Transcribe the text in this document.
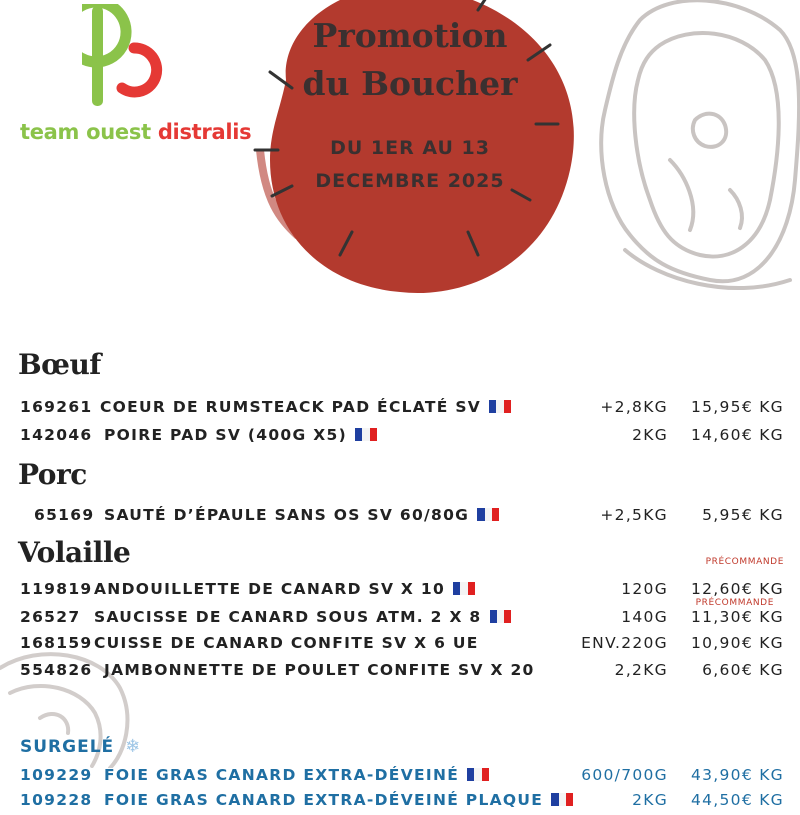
team ouest distralis
Promotion
du Boucher
DU 1ER AU 13
DECEMBRE 2025
Bœuf
169261 COEUR DE RUMSTEACK PAD ÉCLATÉ SV	+2,8KG 15,95€ KG
142046 POIRE PAD SV (400G X5)	2KG 14,60€ KG
Porc
65169 SAUTÉ D’ÉPAULE SANS OS SV 60/80G	+2,5KG 5,95€ KG
Volaille	PRÉCOMMANDE
119819 ANDOUILLETTE DE CANARD SV X 10	120G 12,60€ KG
PRÉCOMMANDE
26527 SAUCISSE DE CANARD SOUS ATM. 2 X 8	140G 11,30€ KG
168159 CUISSE DE CANARD CONFITE SV X 6 UE	ENV.220G 10,90€ KG
554826 JAMBONNETTE DE POULET CONFITE SV X 20	2,2KG 6,60€ KG
SURGELÉ ❄
109229 FOIE GRAS CANARD EXTRA-DÉVEINÉ	600/700G 43,90€ KG
109228 FOIE GRAS CANARD EXTRA-DÉVEINÉ PLAQUE	2KG 44,50€ KG
